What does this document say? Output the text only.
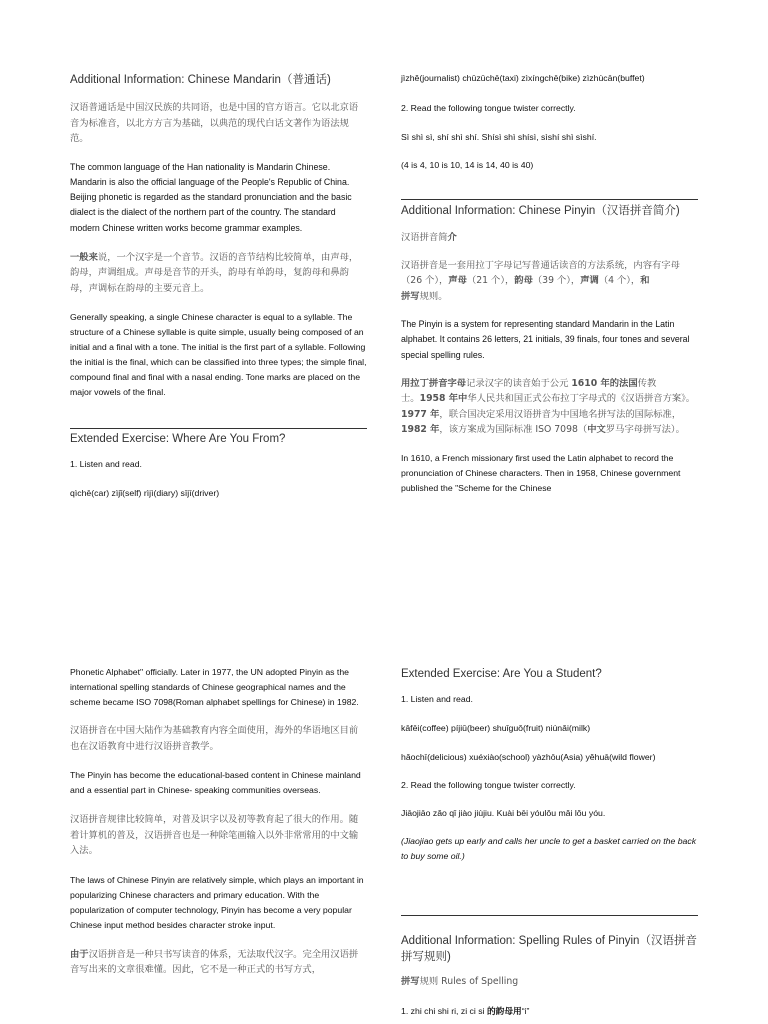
Additional Information: Chinese Mandarin（普通话)

汉语普通话是中国汉民族的共同语，也是中国的官方语言。它以北京语音为标准音，以北方方言为基础，以典范的现代白话文著作为语法规范。

The common language of the Han nationality is Mandarin Chinese. Mandarin is also the official language of the People's Republic of China. Beijing phonetic is regarded as the standard pronunciation and the basic dialect is the dialect of the northern part of the country. The standard modern Chinese written works become grammar examples.

一般来说，一个汉字是一个音节。汉语的音节结构比较简单，由声母，韵母，声调组成。声母是音节的开头，韵母有单韵母，复韵母和鼻韵母，声调标在韵母的主要元音上。

Generally speaking, a single Chinese character is equal to a syllable. The structure of a Chinese syllable is quite simple, usually being composed of an initial and a final with a tone. The initial is the first part of a syllable. Following the initial is the final, which can be classified into three types; the simple final, compound final and final with a nasal ending. Tone marks are placed on the major vowels of the final.

Extended Exercise: Where Are You From?

1. Listen and read.

qìchē(car) zìjǐ(self) rìjì(diary) sījī(driver)

jìzhě(journalist) chūzūchē(taxi) zìxíngchē(bike) zìzhùcān(buffet)

2. Read the following tongue twister correctly.

Sì shì sì, shí shì shí. Shísì shì shísì, sìshí shì sìshí.

(4 is 4, 10 is 10, 14 is 14, 40 is 40)

Additional Information: Chinese Pinyin（汉语拼音简介)

汉语拼音简介

汉语拼音是一套用拉丁字母记写普通话读音的方法系统，内容有字母（26 个），声母（21 个），韵母（39 个），声调（4 个），和
拼写规则。

The Pinyin is a system for representing standard Mandarin in the Latin alphabet. It contains 26 letters, 21 initials, 39 finals, four tones and several special spelling rules.

用拉丁拼音字母记录汉字的读音始于公元 1610 年的法国传教
士。1958 年中华人民共和国正式公布拉丁字母式的《汉语拼音方案》。1977 年，联合国决定采用汉语拼音为中国地名拼写法的国际标准，1982 年，该方案成为国际标准 ISO 7098（中文罗马字母拼写法）。

In 1610, a French missionary first used the Latin alphabet to record the pronunciation of Chinese characters. Then in 1958, Chinese government published the "Scheme for the Chinese

Phonetic Alphabet" officially. Later in 1977, the UN adopted Pinyin as the international spelling standards of Chinese geographical names and the scheme became ISO 7098(Roman alphabet spellings for Chinese) in 1982.

汉语拼音在中国大陆作为基础教育内容全面使用，海外的华语地区目前也在汉语教育中进行汉语拼音教学。

The Pinyin has become the educational-based content in Chinese mainland and a essential part in Chinese- speaking communities overseas.

汉语拼音规律比较简单，对普及识字以及初等教育起了很大的作用。随着计算机的普及，汉语拼音也是一种除笔画输入以外非常常用的中文输入法。

The laws of Chinese Pinyin are relatively simple, which plays an important in popularizing Chinese characters and primary education. With the popularization of computer technology, Pinyin has become a very popular Chinese input method besides character stroke input.

由于汉语拼音是一种只书写读音的体系，无法取代汉字。完全用汉语拼音写出来的文章很难懂。因此，它不是一种正式的书写方式，

Extended Exercise: Are You a Student?

1. Listen and read.

kāfēi(coffee) píjiǔ(beer) shuǐguǒ(fruit) niúnǎi(milk)

hǎochī(delicious) xuéxiào(school) yàzhōu(Asia) yěhuā(wild flower)

2. Read the following tongue twister correctly.

Jiāojiāo zǎo qǐ jiào jiùjiu. Kuài bēi yóulǒu mǎi lǒu yóu.

(Jiaojiao gets up early and calls her uncle to get a basket carried on the back to buy some oil.)

Additional Information: Spelling Rules of Pinyin（汉语拼音拼写规则)

拼写规则 Rules of Spelling

1. zhi chi shi ri, zi ci si 的韵母用“i”
